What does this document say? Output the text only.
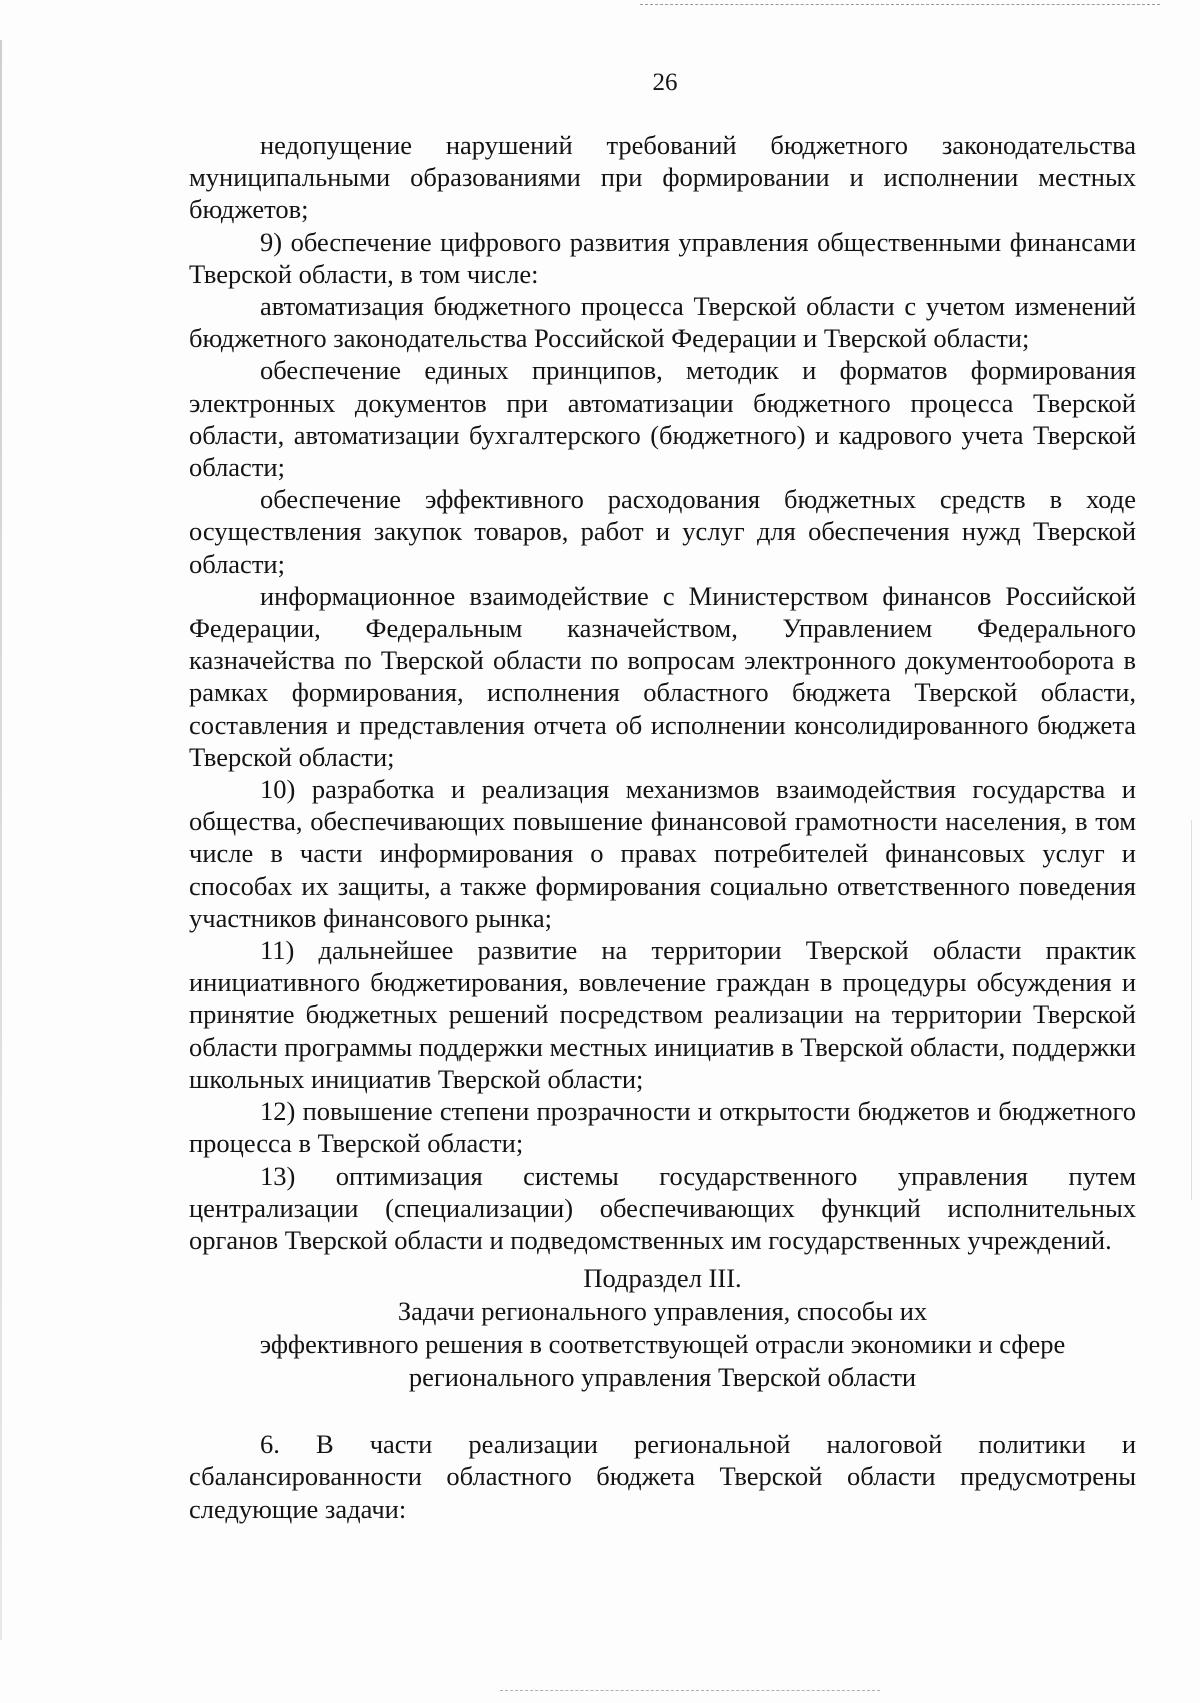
26

недопущение нарушений требований бюджетного законодательства муниципальными образованиями при формировании и исполнении местных бюджетов;

9) обеспечение цифрового развития управления общественными финансами Тверской области, в том числе:

автоматизация бюджетного процесса Тверской области с учетом изменений бюджетного законодательства Российской Федерации и Тверской области;

обеспечение единых принципов, методик и форматов формирования электронных документов при автоматизации бюджетного процесса Тверской области, автоматизации бухгалтерского (бюджетного) и кадрового учета Тверской области;

обеспечение эффективного расходования бюджетных средств в ходе осуществления закупок товаров, работ и услуг для обеспечения нужд Тверской области;

информационное взаимодействие с Министерством финансов Российской Федерации, Федеральным казначейством, Управлением Федерального казначейства по Тверской области по вопросам электронного документооборота в рамках формирования, исполнения областного бюджета Тверской области, составления и представления отчета об исполнении консолидированного бюджета Тверской области;

10) разработка и реализация механизмов взаимодействия государства и общества, обеспечивающих повышение финансовой грамотности населения, в том числе в части информирования о правах потребителей финансовых услуг и способах их защиты, а также формирования социально ответственного поведения участников финансового рынка;

11) дальнейшее развитие на территории Тверской области практик инициативного бюджетирования, вовлечение граждан в процедуры обсуждения и принятие бюджетных решений посредством реализации на территории Тверской области программы поддержки местных инициатив в Тверской области, поддержки школьных инициатив Тверской области;

12) повышение степени прозрачности и открытости бюджетов и бюджетного процесса в Тверской области;

13) оптимизация системы государственного управления путем централизации (специализации) обеспечивающих функций исполнительных органов Тверской области и подведомственных им государственных учреждений.

Подраздел III.
Задачи регионального управления, способы их
эффективного решения в соответствующей отрасли экономики и сфере
регионального управления Тверской области

6. В части реализации региональной налоговой политики и сбалансированности областного бюджета Тверской области предусмотрены следующие задачи:
